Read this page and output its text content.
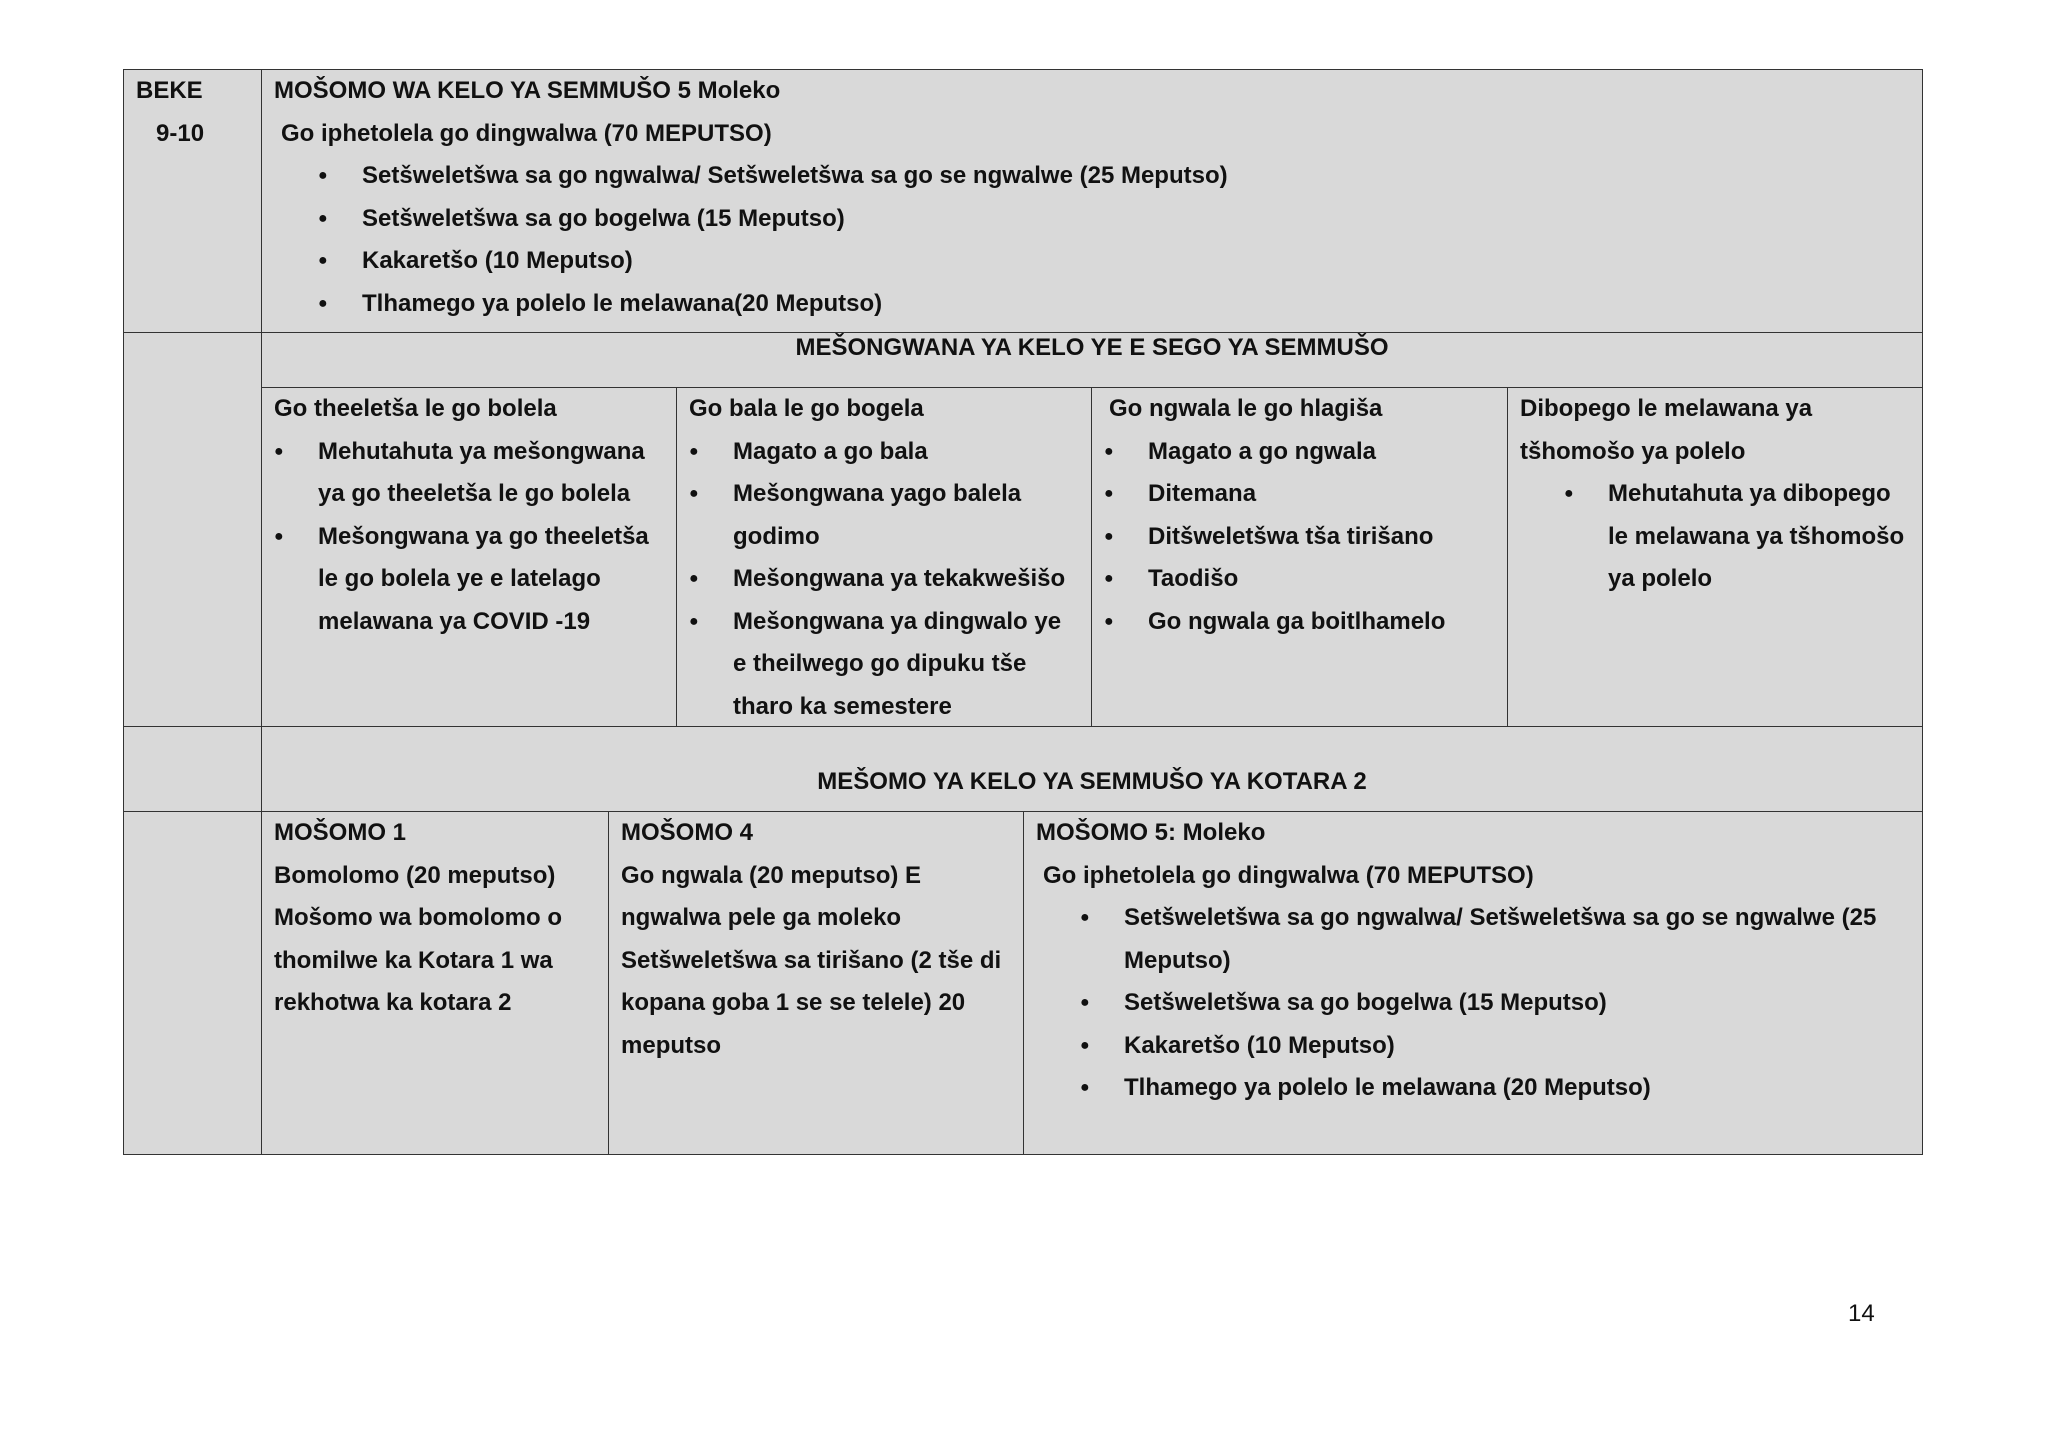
BEKE

9-10

MOŠOMO WA KELO YA SEMMUŠO 5 Moleko

Go iphetolela go dingwalwa (70 MEPUTSO)

● Setšweletšwa sa go ngwalwa/ Setšweletšwa sa go se ngwalwe (25 Meputso)
● Setšweletšwa sa go bogelwa (15 Meputso)
● Kakaretšo (10 Meputso)
● Tlhamego ya polelo le melawana(20 Meputso)
MEŠONGWANA YA KELO YE E SEGO YA SEMMUŠO

Go theeletša le go bolela

● Mehutahuta ya mešongwana ya go theeletša le go bolela
● Mešongwana ya go theeletša le go bolela ye e latelago melawana ya COVID -19

Go bala le go bogela

● Magato a go bala
● Mešongwana yago balela godimo
● Mešongwana ya tekakwešišo
● Mešongwana ya dingwalo ye e theilwego go dipuku tše tharo ka semestere

Go ngwala le go hlagiša

● Magato a go ngwala
● Ditemana
● Ditšweletšwa tša tirišano
● Taodišo
● Go ngwala ga boitlhamelo

Dibopego le melawana ya tšhomošo ya polelo

● Mehutahuta ya dibopego le melawana ya tšhomošo ya polelo
MEŠOMO YA KELO YA SEMMUŠO YA KOTARA 2

MOŠOMO 1

Bomolomo (20 meputso)

Mošomo wa bomolomo o thomilwe ka Kotara 1 wa rekhotwa ka kotara 2

MOŠOMO 4

Go ngwala (20 meputso) E ngwalwa pele ga moleko Setšweletšwa sa tirišano (2 tše di kopana goba 1 se se telele) 20 meputso

MOŠOMO 5: Moleko

Go iphetolela go dingwalwa (70 MEPUTSO)

● Setšweletšwa sa go ngwalwa/ Setšweletšwa sa go se ngwalwe (25 Meputso)
● Setšweletšwa sa go bogelwa (15 Meputso)
● Kakaretšo (10 Meputso)
● Tlhamego ya polelo le melawana (20 Meputso)
14
